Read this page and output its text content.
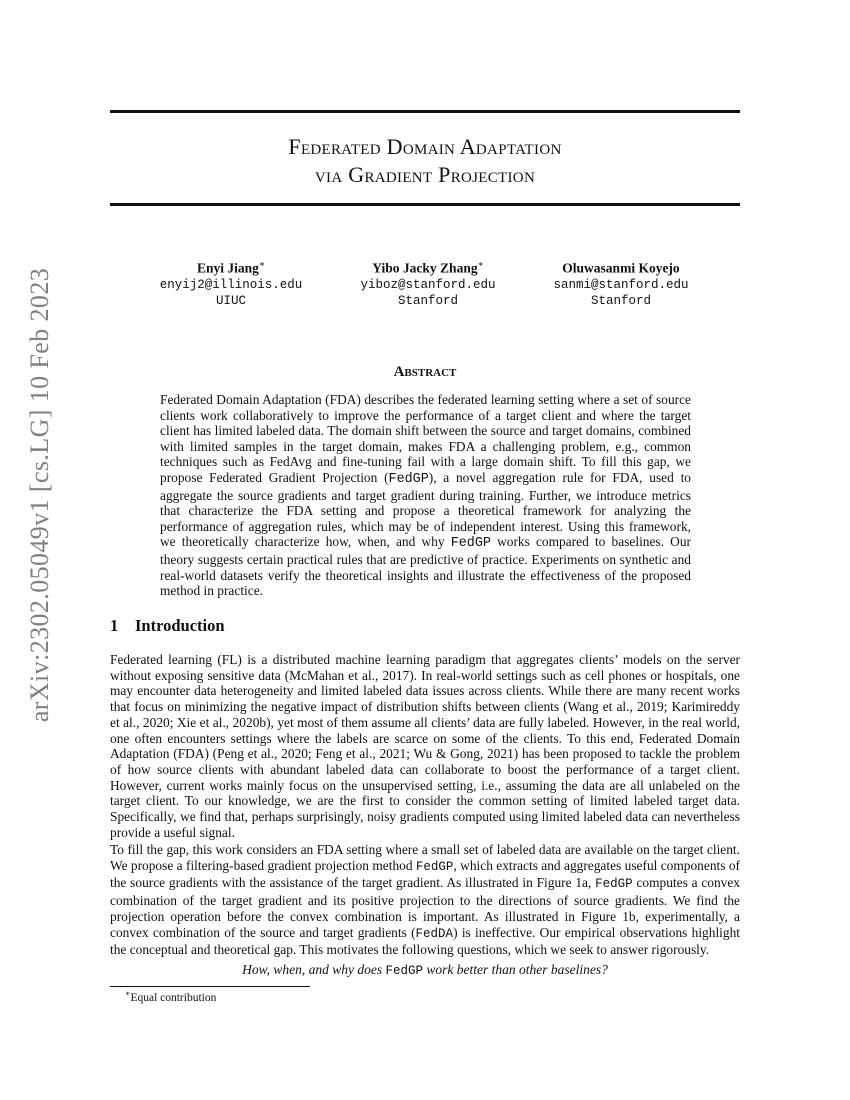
arXiv:2302.05049v1 [cs.LG] 10 Feb 2023
Federated Domain Adaptation
via Gradient Projection
Enyi Jiang∗
enyij2@illinois.edu
UIUC
Yibo Jacky Zhang∗
yiboz@stanford.edu
Stanford
Oluwasanmi Koyejo
sanmi@stanford.edu
Stanford
Abstract
Federated Domain Adaptation (FDA) describes the federated learning setting where a set of source clients work collaboratively to improve the performance of a target client and where the target client has limited labeled data. The domain shift between the source and target domains, combined with limited samples in the target domain, makes FDA a challenging problem, e.g., common techniques such as FedAvg and fine-tuning fail with a large domain shift. To fill this gap, we propose Federated Gradient Projection (FedGP), a novel aggregation rule for FDA, used to aggregate the source gradients and target gradient during training. Further, we introduce metrics that characterize the FDA setting and propose a theoretical framework for analyzing the performance of aggregation rules, which may be of independent interest. Using this framework, we theoretically characterize how, when, and why FedGP works compared to baselines. Our theory suggests certain practical rules that are predictive of practice. Experiments on synthetic and real-world datasets verify the theoretical insights and illustrate the effectiveness of the proposed method in practice.
1 Introduction
Federated learning (FL) is a distributed machine learning paradigm that aggregates clients’ models on the server without exposing sensitive data (McMahan et al., 2017). In real-world settings such as cell phones or hospitals, one may encounter data heterogeneity and limited labeled data issues across clients. While there are many recent works that focus on minimizing the negative impact of distribution shifts between clients (Wang et al., 2019; Karimireddy et al., 2020; Xie et al., 2020b), yet most of them assume all clients’ data are fully labeled. However, in the real world, one often encounters settings where the labels are scarce on some of the clients. To this end, Federated Domain Adaptation (FDA) (Peng et al., 2020; Feng et al., 2021; Wu & Gong, 2021) has been proposed to tackle the problem of how source clients with abundant labeled data can collaborate to boost the performance of a target client. However, current works mainly focus on the unsupervised setting, i.e., assuming the data are all unlabeled on the target client. To our knowledge, we are the first to consider the common setting of limited labeled target data. Specifically, we find that, perhaps surprisingly, noisy gradients computed using limited labeled data can nevertheless provide a useful signal.
To fill the gap, this work considers an FDA setting where a small set of labeled data are available on the target client. We propose a filtering-based gradient projection method FedGP, which extracts and aggregates useful components of the source gradients with the assistance of the target gradient. As illustrated in Figure 1a, FedGP computes a convex combination of the target gradient and its positive projection to the directions of source gradients. We find the projection operation before the convex combination is important. As illustrated in Figure 1b, experimentally, a convex combination of the source and target gradients (FedDA) is ineffective. Our empirical observations highlight the conceptual and theoretical gap. This motivates the following questions, which we seek to answer rigorously.
How, when, and why does FedGP work better than other baselines?
∗Equal contribution
